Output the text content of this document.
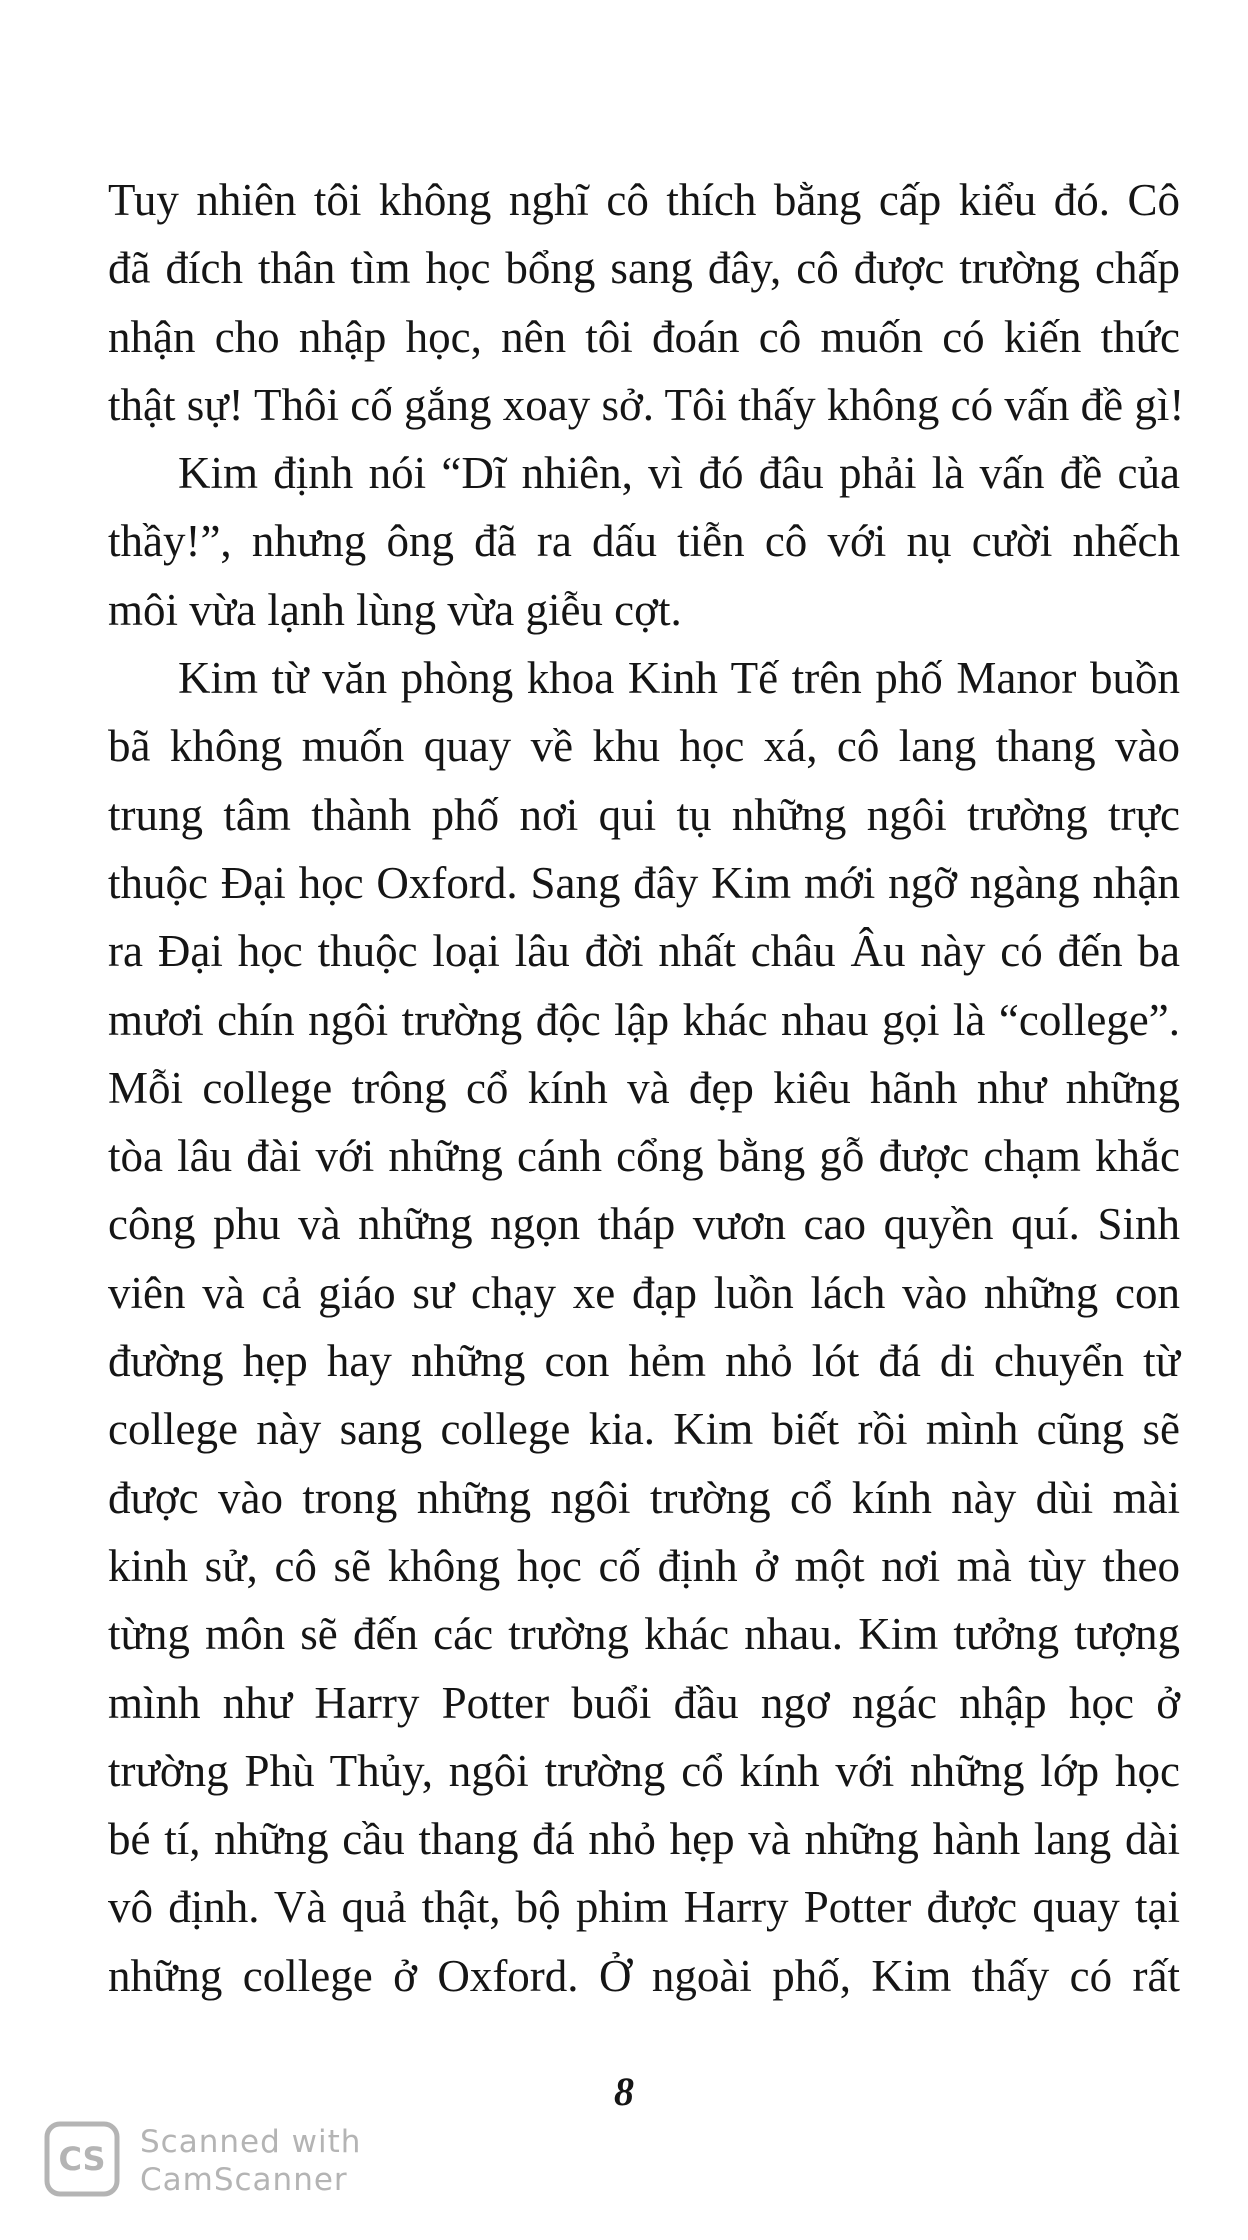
Tuy nhiên tôi không nghĩ cô thích bằng cấp kiểu đó. Cô
đã đích thân tìm học bổng sang đây, cô được trường chấp
nhận cho nhập học, nên tôi đoán cô muốn có kiến thức
thật sự! Thôi cố gắng xoay sở. Tôi thấy không có vấn đề gì!
Kim định nói “Dĩ nhiên, vì đó đâu phải là vấn đề của
thầy!”, nhưng ông đã ra dấu tiễn cô với nụ cười nhếch
môi vừa lạnh lùng vừa giễu cợt.
Kim từ văn phòng khoa Kinh Tế trên phố Manor buồn
bã không muốn quay về khu học xá, cô lang thang vào
trung tâm thành phố nơi qui tụ những ngôi trường trực
thuộc Đại học Oxford. Sang đây Kim mới ngỡ ngàng nhận
ra Đại học thuộc loại lâu đời nhất châu Âu này có đến ba
mươi chín ngôi trường độc lập khác nhau gọi là “college”.
Mỗi college trông cổ kính và đẹp kiêu hãnh như những
tòa lâu đài với những cánh cổng bằng gỗ được chạm khắc
công phu và những ngọn tháp vươn cao quyền quí. Sinh
viên và cả giáo sư chạy xe đạp luồn lách vào những con
đường hẹp hay những con hẻm nhỏ lót đá di chuyển từ
college này sang college kia. Kim biết rồi mình cũng sẽ
được vào trong những ngôi trường cổ kính này dùi mài
kinh sử, cô sẽ không học cố định ở một nơi mà tùy theo
từng môn sẽ đến các trường khác nhau. Kim tưởng tượng
mình như Harry Potter buổi đầu ngơ ngác nhập học ở
trường Phù Thủy, ngôi trường cổ kính với những lớp học
bé tí, những cầu thang đá nhỏ hẹp và những hành lang dài
vô định. Và quả thật, bộ phim Harry Potter được quay tại
những college ở Oxford. Ở ngoài phố, Kim thấy có rất
8
CS Scanned with
CamScanner
